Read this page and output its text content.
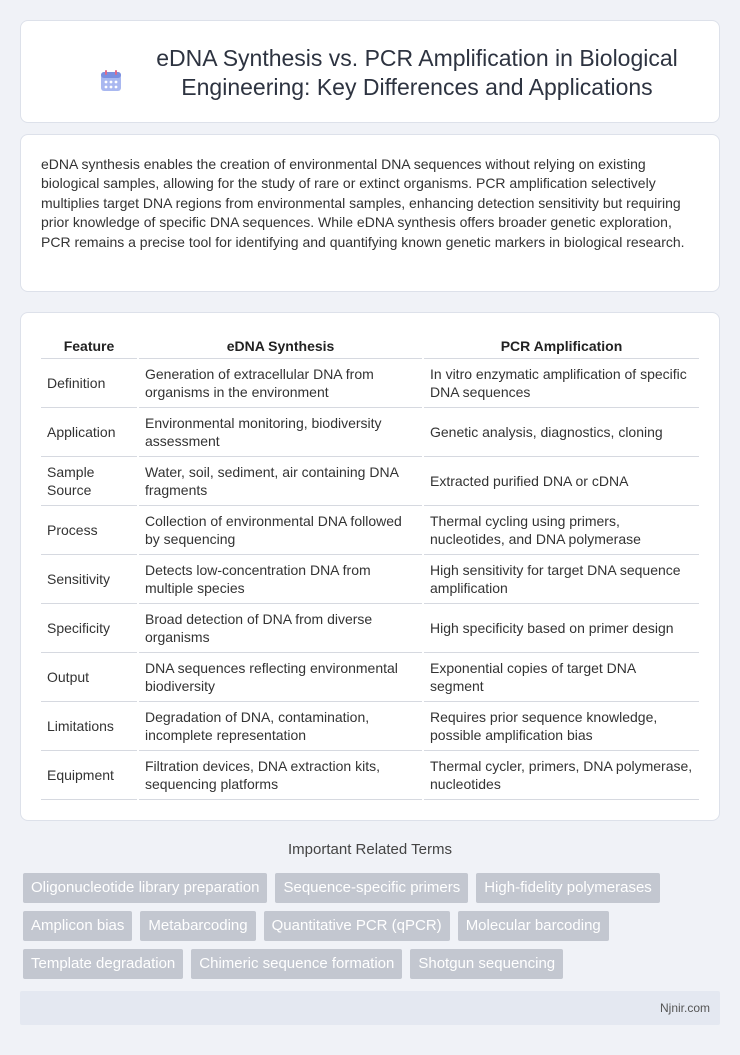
eDNA Synthesis vs. PCR Amplification in Biological Engineering: Key Differences and Applications

eDNA synthesis enables the creation of environmental DNA sequences without relying on existing biological samples, allowing for the study of rare or extinct organisms. PCR amplification selectively multiplies target DNA regions from environmental samples, enhancing detection sensitivity but requiring prior knowledge of specific DNA sequences. While eDNA synthesis offers broader genetic exploration, PCR remains a precise tool for identifying and quantifying known genetic markers in biological research.

Feature	eDNA Synthesis	PCR Amplification
Definition	Generation of extracellular DNA from organisms in the environment	In vitro enzymatic amplification of specific DNA sequences
Application	Environmental monitoring, biodiversity assessment	Genetic analysis, diagnostics, cloning
Sample Source	Water, soil, sediment, air containing DNA fragments	Extracted purified DNA or cDNA
Process	Collection of environmental DNA followed by sequencing	Thermal cycling using primers, nucleotides, and DNA polymerase
Sensitivity	Detects low-concentration DNA from multiple species	High sensitivity for target DNA sequence amplification
Specificity	Broad detection of DNA from diverse organisms	High specificity based on primer design
Output	DNA sequences reflecting environmental biodiversity	Exponential copies of target DNA segment
Limitations	Degradation of DNA, contamination, incomplete representation	Requires prior sequence knowledge, possible amplification bias
Equipment	Filtration devices, DNA extraction kits, sequencing platforms	Thermal cycler, primers, DNA polymerase, nucleotides
Important Related Terms
Oligonucleotide library preparation	Sequence-specific primers	High-fidelity polymerases
Amplicon bias	Metabarcoding	Quantitative PCR (qPCR)	Molecular barcoding
Template degradation	Chimeric sequence formation	Shotgun sequencing
Njnir.com
